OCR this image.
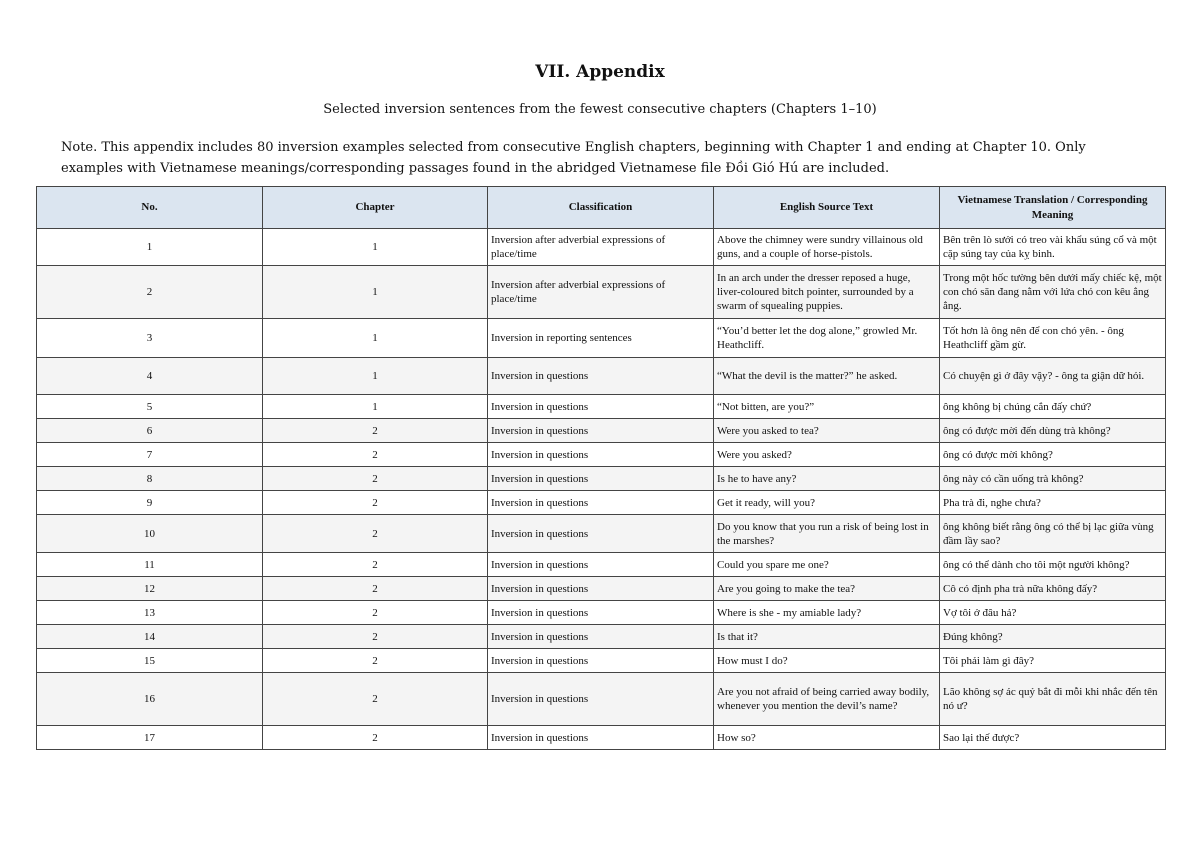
VII. Appendix

Selected inversion sentences from the fewest consecutive chapters (Chapters 1–10)

Note. This appendix includes 80 inversion examples selected from consecutive English chapters, beginning with Chapter 1 and ending at Chapter 10. Only examples with Vietnamese meanings/corresponding passages found in the abridged Vietnamese file Đồi Gió Hú are included.

No.	Chapter	Classification	English Source Text	Vietnamese Translation / Corresponding Meaning
1	1	Inversion after adverbial expressions of place/time	Above the chimney were sundry villainous old guns, and a couple of horse-pistols.	Bên trên lò sưởi có treo vài khẩu súng cổ và một cặp súng tay của kỵ binh.
2	1	Inversion after adverbial expressions of place/time	In an arch under the dresser reposed a huge, liver-coloured bitch pointer, surrounded by a swarm of squealing puppies.	Trong một hốc tường bên dưới mấy chiếc kệ, một con chó săn đang nằm với lứa chó con kêu ẳng ẳng.
3	1	Inversion in reporting sentences	“You’d better let the dog alone,” growled Mr. Heathcliff.	Tốt hơn là ông nên để con chó yên. - ông Heathcliff gầm gừ.
4	1	Inversion in questions	“What the devil is the matter?” he asked.	Có chuyện gì ở đây vậy? - ông ta giận dữ hỏi.
5	1	Inversion in questions	“Not bitten, are you?”	ông không bị chúng cắn đấy chứ?
6	2	Inversion in questions	Were you asked to tea?	ông có được mời đến dùng trà không?
7	2	Inversion in questions	Were you asked?	ông có được mời không?
8	2	Inversion in questions	Is he to have any?	ông này có cần uống trà không?
9	2	Inversion in questions	Get it ready, will you?	Pha trà đi, nghe chưa?
10	2	Inversion in questions	Do you know that you run a risk of being lost in the marshes?	ông không biết rằng ông có thể bị lạc giữa vùng đầm lầy sao?
11	2	Inversion in questions	Could you spare me one?	ông có thể dành cho tôi một người không?
12	2	Inversion in questions	Are you going to make the tea?	Cô có định pha trà nữa không đấy?
13	2	Inversion in questions	Where is she - my amiable lady?	Vợ tôi ở đâu hả?
14	2	Inversion in questions	Is that it?	Đúng không?
15	2	Inversion in questions	How must I do?	Tôi phải làm gì đây?
16	2	Inversion in questions	Are you not afraid of being carried away bodily, whenever you mention the devil’s name?	Lão không sợ ác quỷ bắt đi mỗi khi nhắc đến tên nó ư?
17	2	Inversion in questions	How so?	Sao lại thế được?
